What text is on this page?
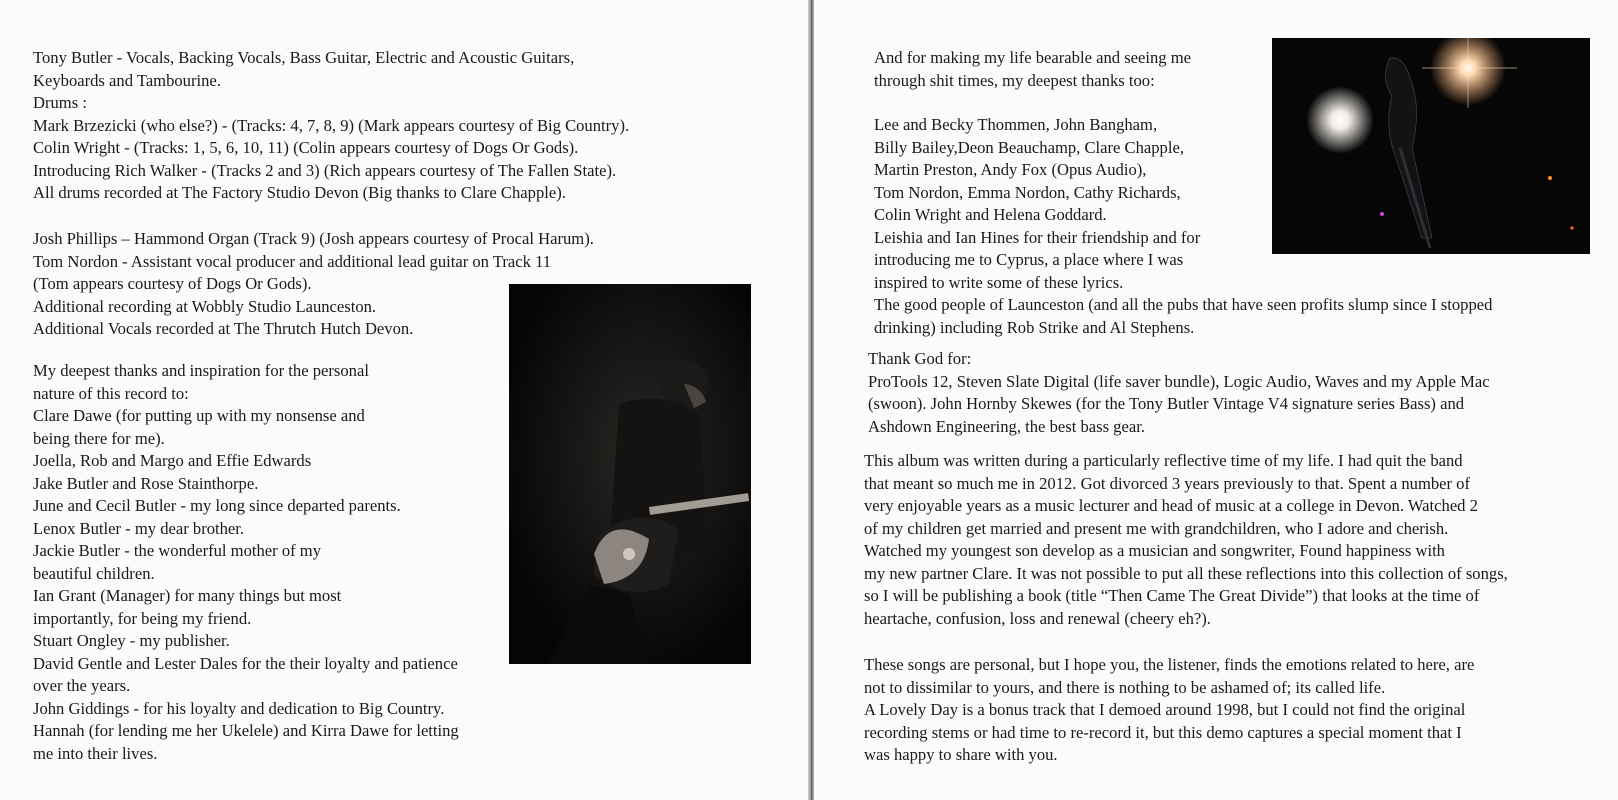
Tony Butler - Vocals, Backing Vocals, Bass Guitar, Electric and Acoustic Guitars,
Keyboards and Tambourine.
Drums :
Mark Brzezicki (who else?) - (Tracks: 4, 7, 8, 9) (Mark appears courtesy of Big Country).
Colin Wright - (Tracks: 1, 5, 6, 10, 11) (Colin appears courtesy of Dogs Or Gods).
Introducing Rich Walker - (Tracks 2 and 3) (Rich appears courtesy of The Fallen State).
All drums recorded at The Factory Studio Devon (Big thanks to Clare Chapple).
Josh Phillips – Hammond Organ (Track 9) (Josh appears courtesy of Procal Harum).
Tom Nordon - Assistant vocal producer and additional lead guitar on Track 11
(Tom appears courtesy of Dogs Or Gods).
Additional recording at Wobbly Studio Launceston.
Additional Vocals recorded at The Thrutch Hutch Devon.
My deepest thanks and inspiration for the personal
nature of this record to:
Clare Dawe (for putting up with my nonsense and
being there for me).
Joella, Rob and Margo and Effie Edwards
Jake Butler and Rose Stainthorpe.
June and Cecil Butler - my long since departed parents.
Lenox Butler - my dear brother.
Jackie Butler - the wonderful mother of my
beautiful children.
Ian Grant (Manager) for many things but most
importantly, for being my friend.
Stuart Ongley - my publisher.
David Gentle and Lester Dales for the their loyalty and patience
over the years.
John Giddings - for his loyalty and dedication to Big Country.
Hannah (for lending me her Ukelele) and Kirra Dawe for letting
me into their lives.
And for making my life bearable and seeing me
through shit times, my deepest thanks too:
Lee and Becky Thommen, John Bangham,
Billy Bailey,Deon Beauchamp, Clare Chapple,
Martin Preston, Andy Fox (Opus Audio),
Tom Nordon, Emma Nordon, Cathy Richards,
Colin Wright and Helena Goddard.
Leishia and Ian Hines for their friendship and for
introducing me to Cyprus, a place where I was
inspired to write some of these lyrics.
The good people of Launceston (and all the pubs that have seen profits slump since I stopped
drinking) including Rob Strike and Al Stephens.
Thank God for:
ProTools 12, Steven Slate Digital (life saver bundle), Logic Audio, Waves and my Apple Mac
(swoon). John Hornby Skewes (for the Tony Butler Vintage V4 signature series Bass) and
Ashdown Engineering, the best bass gear.
This album was written during a particularly reflective time of my life. I had quit the band
that meant so much me in 2012. Got divorced 3 years previously to that. Spent a number of
very enjoyable years as a music lecturer and head of music at a college in Devon. Watched 2
of my children get married and present me with grandchildren, who I adore and cherish.
Watched my youngest son develop as a musician and songwriter, Found happiness with
my new partner Clare. It was not possible to put all these reflections into this collection of songs,
so I will be publishing a book (title “Then Came The Great Divide”) that looks at the time of
heartache, confusion, loss and renewal (cheery eh?).
These songs are personal, but I hope you, the listener, finds the emotions related to here, are
not to dissimilar to yours, and there is nothing to be ashamed of; its called life.
A Lovely Day is a bonus track that I demoed around 1998, but I could not find the original
recording stems or had time to re-record it, but this demo captures a special moment that I
was happy to share with you.
